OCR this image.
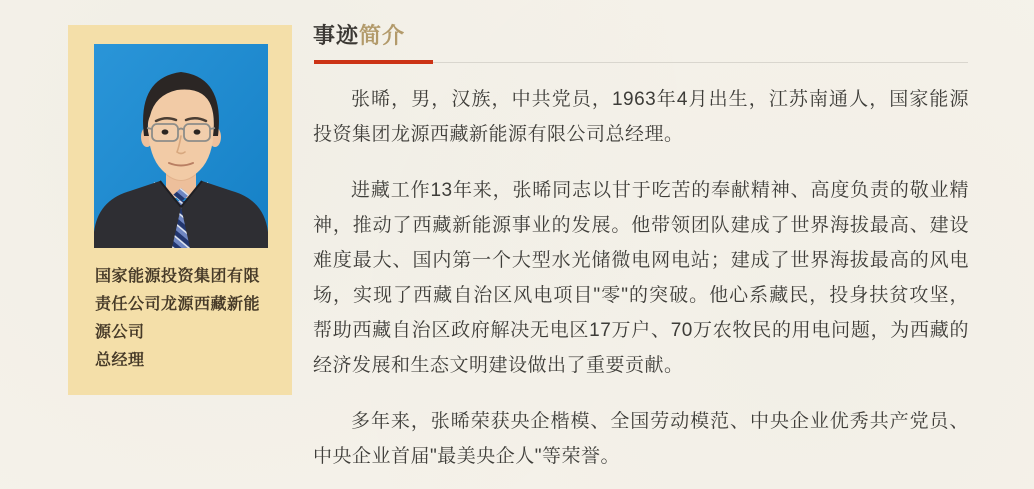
国家能源投资集团有限责任公司龙源西藏新能源公司

总经理

事迹简介

张晞，男，汉族，中共党员，1963年4月出生，江苏南通人，国家能源投资集团龙源西藏新能源有限公司总经理。

进藏工作13年来，张晞同志以甘于吃苦的奉献精神、高度负责的敬业精神，推动了西藏新能源事业的发展。他带领团队建成了世界海拔最高、建设难度最大、国内第一个大型水光储微电网电站；建成了世界海拔最高的风电场，实现了西藏自治区风电项目"零"的突破。他心系藏民，投身扶贫攻坚，帮助西藏自治区政府解决无电区17万户、70万农牧民的用电问题，为西藏的经济发展和生态文明建设做出了重要贡献。

多年来，张晞荣获央企楷模、全国劳动模范、中央企业优秀共产党员、中央企业首届"最美央企人"等荣誉。
